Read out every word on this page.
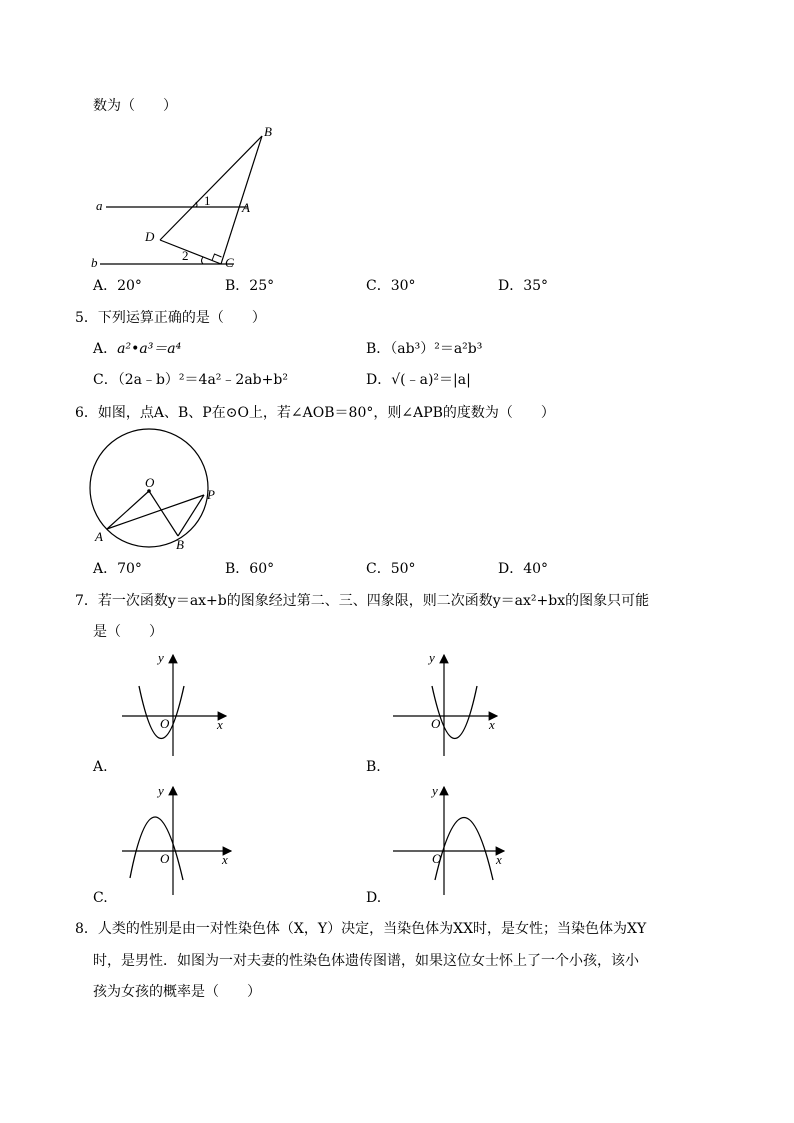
数为（　　）
B
A
D
C
a
b
1
2
A．20°	B．25°	C．30°	D．35°
5．下列运算正确的是（　　）
A．a²•a³＝a⁴	B．（ab³）²＝a²b³
C．（2a﹣b）²＝4a²﹣2ab+b²	D．√(﹣a)²＝|a|
6．如图，点A、B、P在⊙O上，若∠AOB＝80°，则∠APB的度数为（　　）
O
A
B
P
A．70°	B．60°	C．50°	D．40°
7．若一次函数y＝ax+b的图象经过第二、三、四象限，则二次函数y＝ax²+bx的图象只可能
是（　　）
y
x
O
y
x
O
y
x
O
y
x
O
A.	B.
C.	D.
8．人类的性别是由一对性染色体（X，Y）决定，当染色体为XX时，是女性；当染色体为XY
时，是男性．如图为一对夫妻的性染色体遗传图谱，如果这位女士怀上了一个小孩，该小
孩为女孩的概率是（　　）
